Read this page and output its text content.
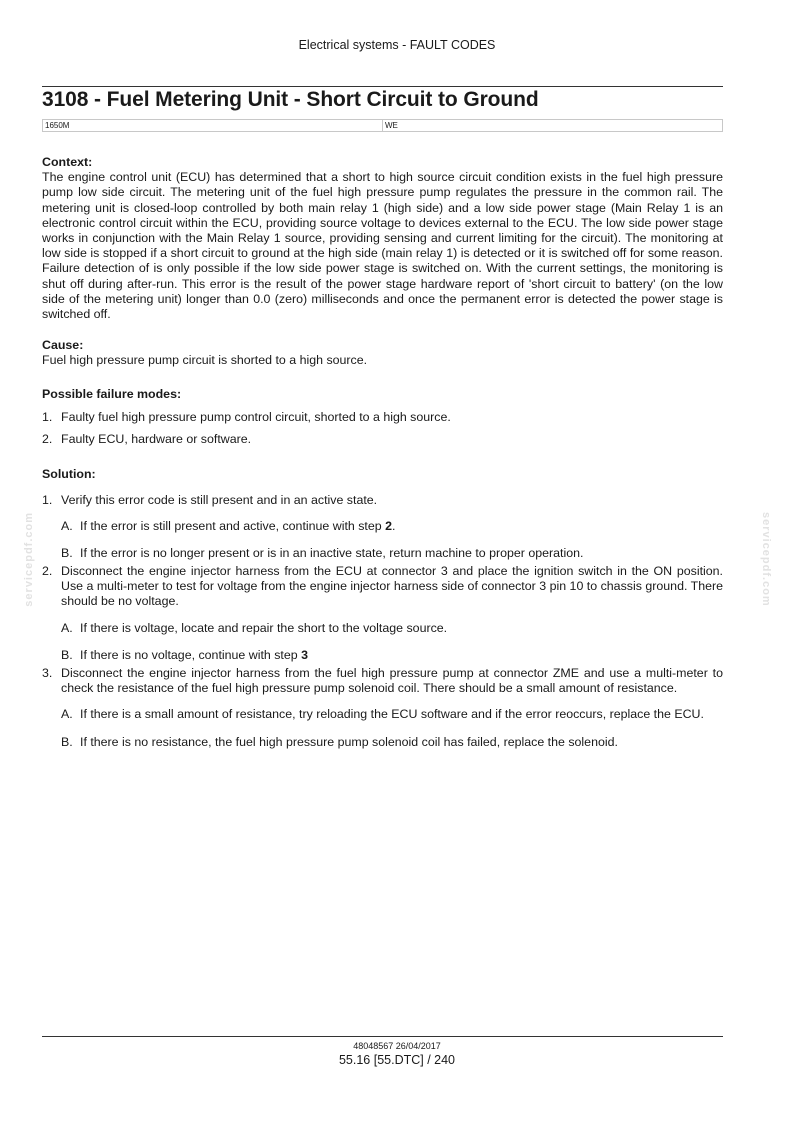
Electrical systems - FAULT CODES
3108 - Fuel Metering Unit - Short Circuit to Ground
1650M	WE
servicepdf.com	servicepdf.com

Context:

The engine control unit (ECU) has determined that a short to high source circuit condition exists in the fuel high pressure pump low side circuit. The metering unit of the fuel high pressure pump regulates the pressure in the common rail. The metering unit is closed-loop controlled by both main relay 1 (high side) and a low side power stage (Main Relay 1 is an electronic control circuit within the ECU, providing source voltage to devices external to the ECU. The low side power stage works in conjunction with the Main Relay 1 source, providing sensing and current limiting for the circuit). The monitoring at low side is stopped if a short circuit to ground at the high side (main relay 1) is detected or it is switched off for some reason. Failure detection of is only possible if the low side power stage is switched on. With the current settings, the monitoring is shut off during after-run. This error is the result of the power stage hardware report of 'short circuit to battery' (on the low side of the metering unit) longer than 0.0 (zero) milliseconds and once the permanent error is detected the power stage is switched off.

Cause:

Fuel high pressure pump circuit is shorted to a high source.

Possible failure modes:

1. Faulty fuel high pressure pump control circuit, shorted to a high source.
2. Faulty ECU, hardware or software.

Solution:

1. Verify this error code is still present and in an active state.
A. If the error is still present and active, continue with step 2.
B. If the error is no longer present or is in an inactive state, return machine to proper operation.
2. Disconnect the engine injector harness from the ECU at connector 3 and place the ignition switch in the ON position. Use a multi-meter to test for voltage from the engine injector harness side of connector 3 pin 10 to chassis ground. There should be no voltage.
A. If there is voltage, locate and repair the short to the voltage source.
B. If there is no voltage, continue with step 3
3. Disconnect the engine injector harness from the fuel high pressure pump at connector ZME and use a multi-meter to check the resistance of the fuel high pressure pump solenoid coil. There should be a small amount of resistance.
A. If there is a small amount of resistance, try reloading the ECU software and if the error reoccurs, replace the ECU.
B. If there is no resistance, the fuel high pressure pump solenoid coil has failed, replace the solenoid.
48048567 26/04/2017
55.16 [55.DTC] / 240
